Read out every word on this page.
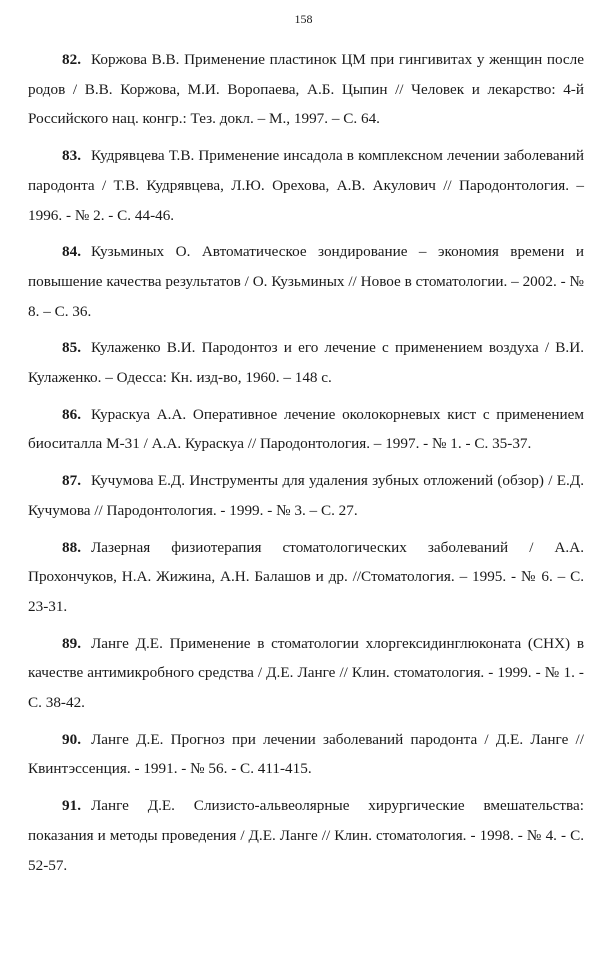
158

82. Коржова В.В. Применение пластинок ЦМ при гингивитах у женщин после родов / В.В. Коржова, М.И. Воропаева, А.Б. Цыпин // Человек и лекарство: 4-й Российского нац. конгр.: Тез. докл. – М., 1997. – С. 64.

83. Кудрявцева Т.В. Применение инсадола в комплексном лечении заболеваний пародонта / Т.В. Кудрявцева, Л.Ю. Орехова, А.В. Акулович // Пародонтология. – 1996. - № 2. - С. 44-46.

84. Кузьминых О. Автоматическое зондирование – экономия времени и повышение качества результатов / О. Кузьминых // Новое в стоматологии. – 2002. - № 8. – С. 36.

85. Кулаженко В.И. Пародонтоз и его лечение с применением воздуха / В.И. Кулаженко. – Одесса: Кн. изд-во, 1960. – 148 с.

86. Кураскуа А.А. Оперативное лечение околокорневых кист с применением биоситалла М-31 / А.А. Кураскуа // Пародонтология. – 1997. - № 1. - С. 35-37.

87. Кучумова Е.Д. Инструменты для удаления зубных отложений (обзор) / Е.Д. Кучумова // Пародонтология. - 1999. - № 3. – С. 27.

88. Лазерная физиотерапия стоматологических заболеваний / А.А. Прохончуков, Н.А. Жижина, А.Н. Балашов и др. //Стоматология. – 1995. - № 6. – С. 23-31.

89. Ланге Д.Е. Применение в стоматологии хлоргексидинглюконата (СНХ) в качестве антимикробного средства / Д.Е. Ланге // Клин. стоматология. - 1999. - № 1. - С. 38-42.

90. Ланге Д.Е. Прогноз при лечении заболеваний пародонта / Д.Е. Ланге // Квинтэссенция. - 1991. - № 56. - С. 411-415.

91. Ланге Д.Е. Слизисто-альвеолярные хирургические вмешательства: показания и методы проведения / Д.Е. Ланге // Клин. стоматология. - 1998. - № 4. - С. 52-57.
